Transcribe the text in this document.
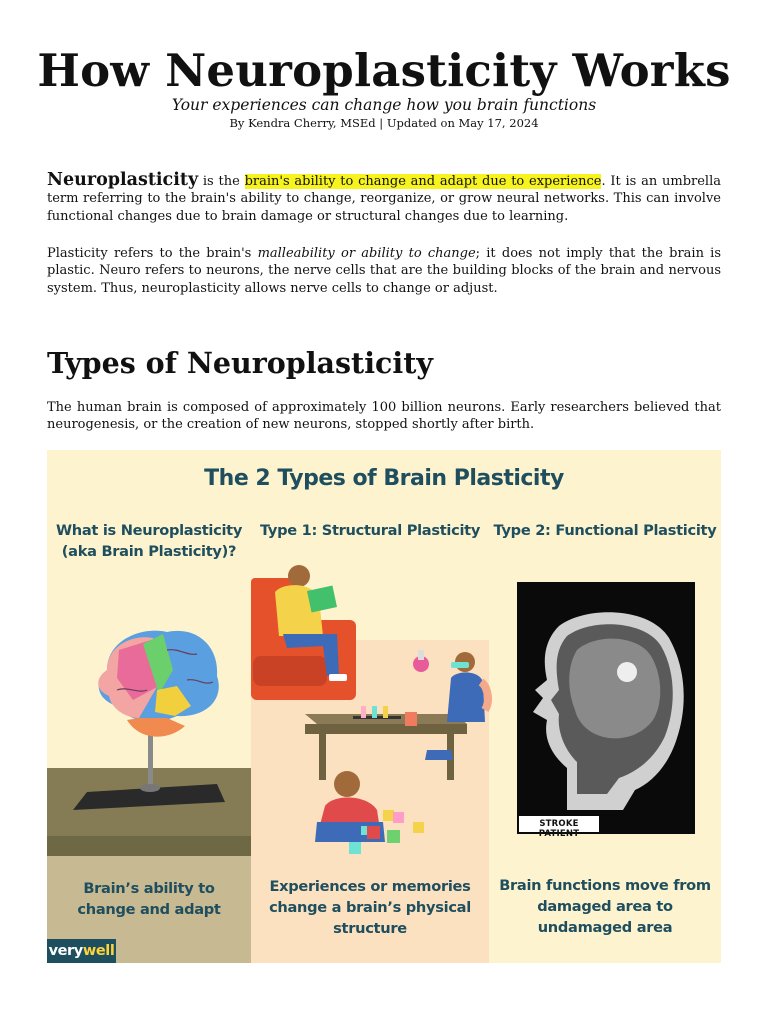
How Neuroplasticity Works
Your experiences can change how you brain functions
By Kendra Cherry, MSEd | Updated on May 17, 2024

Neuroplasticity is the brain's ability to change and adapt due to experience. It is an umbrella term referring to the brain's ability to change, reorganize, or grow neural networks. This can involve functional changes due to brain damage or structural changes due to learning.

Plasticity refers to the brain's malleability or ability to change; it does not imply that the brain is plastic. Neuro refers to neurons, the nerve cells that are the building blocks of the brain and nervous system. Thus, neuroplasticity allows nerve cells to change or adjust.

Types of Neuroplasticity

The human brain is composed of approximately 100 billion neurons. Early researchers believed that neurogenesis, or the creation of new neurons, stopped shortly after birth.

The 2 Types of Brain Plasticity
What is Neuroplasticity
(aka Brain Plasticity)?
Type 1: Structural Plasticity Type 2: Functional Plasticity
STROKE PATIENT
Brain’s ability to
change and adapt
Experiences or memories
change a brain’s physical
structure
Brain functions move from
damaged area to
undamaged area
verywell
